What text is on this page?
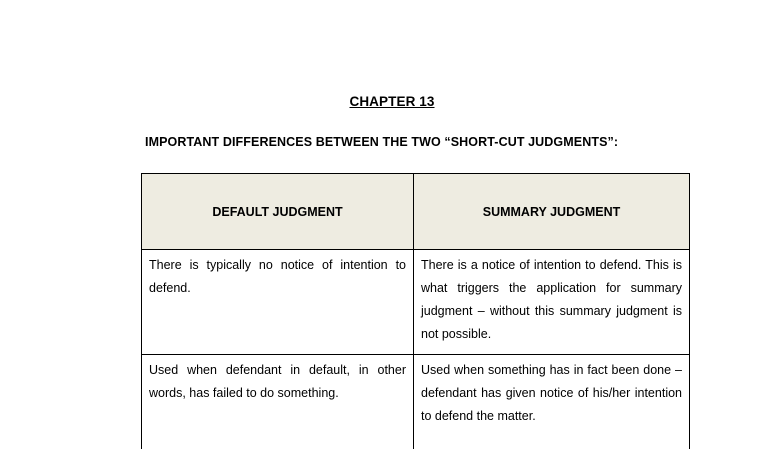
CHAPTER 13
IMPORTANT DIFFERENCES BETWEEN THE TWO “SHORT-CUT JUDGMENTS”:
DEFAULT JUDGMENT	SUMMARY JUDGMENT
There is typically no notice of intention to defend.	There is a notice of intention to defend. This is what triggers the application for summary judgment – without this summary judgment is not possible.
Used when defendant in default, in other words, has failed to do something.	Used when something has in fact been done – defendant has given notice of his/her intention to defend the matter.
